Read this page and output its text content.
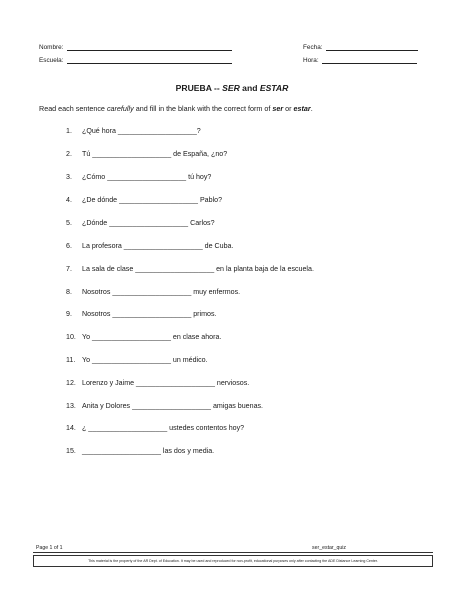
Nombre:	Fecha:
Escuela:	Hora:
PRUEBA -- SER and ESTAR
Read each sentence carefully and fill in the blank with the correct form of ser or estar.
1. ¿Qué hora ____________________?
2. Tú ____________________ de España, ¿no?
3. ¿Cómo ____________________ tú hoy?
4. ¿De dónde ____________________ Pablo?
5. ¿Dónde ____________________ Carlos?
6. La profesora ____________________ de Cuba.
7. La sala de clase ____________________ en la planta baja de la escuela.
8. Nosotros ____________________ muy enfermos.
9. Nosotros ____________________ primos.
10. Yo ____________________ en clase ahora.
11. Yo ____________________ un médico.
12. Lorenzo y Jaime ____________________ nerviosos.
13. Anita y Dolores ____________________ amigas buenas.
14. ¿ ____________________ ustedes contentos hoy?
15. ____________________ las dos y media.
Page 1 of 1	ser_estar_quiz
This material is the property of the AR Dept. of Education. It may be used and reproduced for non-profit, educational purposes only after contacting the ADE Distance Learning Center.
